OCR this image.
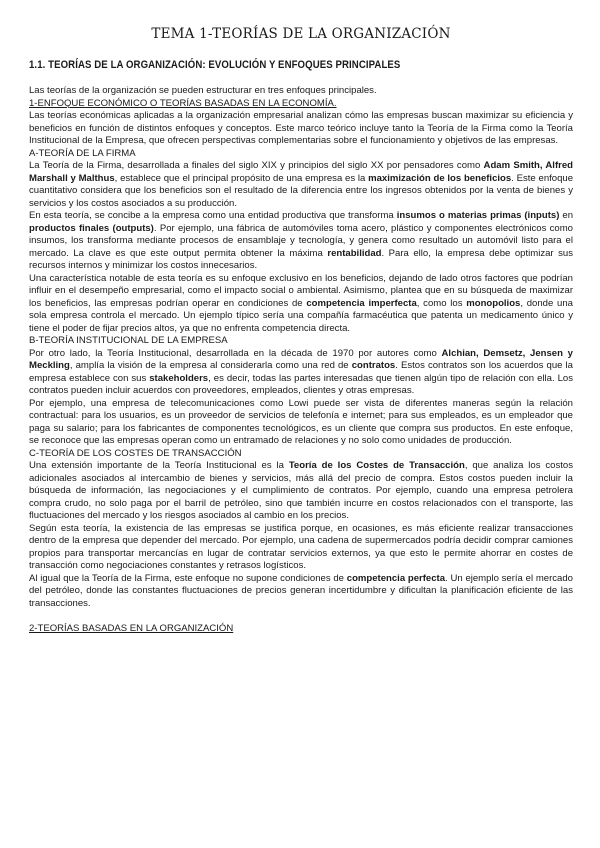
TEMA 1-TEORÍAS DE LA ORGANIZACIÓN
1.1. TEORÍAS DE LA ORGANIZACIÓN: EVOLUCIÓN Y ENFOQUES PRINCIPALES

Las teorías de la organización se pueden estructurar en tres enfoques principales.

1-ENFOQUE ECONÓMICO O TEORÍAS BASADAS EN LA ECONOMÍA.

Las teorías económicas aplicadas a la organización empresarial analizan cómo las empresas buscan maximizar su eficiencia y beneficios en función de distintos enfoques y conceptos. Este marco teórico incluye tanto la Teoría de la Firma como la Teoría Institucional de la Empresa, que ofrecen perspectivas complementarias sobre el funcionamiento y objetivos de las empresas.

A-TEORÍA DE LA FIRMA

La Teoría de la Firma, desarrollada a finales del siglo XIX y principios del siglo XX por pensadores como Adam Smith, Alfred Marshall y Malthus, establece que el principal propósito de una empresa es la maximización de los beneficios. Este enfoque cuantitativo considera que los beneficios son el resultado de la diferencia entre los ingresos obtenidos por la venta de bienes y servicios y los costos asociados a su producción.

En esta teoría, se concibe a la empresa como una entidad productiva que transforma insumos o materias primas (inputs) en productos finales (outputs). Por ejemplo, una fábrica de automóviles toma acero, plástico y componentes electrónicos como insumos, los transforma mediante procesos de ensamblaje y tecnología, y genera como resultado un automóvil listo para el mercado. La clave es que este output permita obtener la máxima rentabilidad. Para ello, la empresa debe optimizar sus recursos internos y minimizar los costos innecesarios.

Una característica notable de esta teoría es su enfoque exclusivo en los beneficios, dejando de lado otros factores que podrían influir en el desempeño empresarial, como el impacto social o ambiental. Asimismo, plantea que en su búsqueda de maximizar los beneficios, las empresas podrían operar en condiciones de competencia imperfecta, como los monopolios, donde una sola empresa controla el mercado. Un ejemplo típico sería una compañía farmacéutica que patenta un medicamento único y tiene el poder de fijar precios altos, ya que no enfrenta competencia directa.

B-TEORÍA INSTITUCIONAL DE LA EMPRESA

Por otro lado, la Teoría Institucional, desarrollada en la década de 1970 por autores como Alchian, Demsetz, Jensen y Meckling, amplía la visión de la empresa al considerarla como una red de contratos. Estos contratos son los acuerdos que la empresa establece con sus stakeholders, es decir, todas las partes interesadas que tienen algún tipo de relación con ella. Los contratos pueden incluir acuerdos con proveedores, empleados, clientes y otras empresas.

Por ejemplo, una empresa de telecomunicaciones como Lowi puede ser vista de diferentes maneras según la relación contractual: para los usuarios, es un proveedor de servicios de telefonía e internet; para sus empleados, es un empleador que paga su salario; para los fabricantes de componentes tecnológicos, es un cliente que compra sus productos. En este enfoque, se reconoce que las empresas operan como un entramado de relaciones y no solo como unidades de producción.

C-TEORÍA DE LOS COSTES DE TRANSACCIÓN

Una extensión importante de la Teoría Institucional es la Teoría de los Costes de Transacción, que analiza los costos adicionales asociados al intercambio de bienes y servicios, más allá del precio de compra. Estos costos pueden incluir la búsqueda de información, las negociaciones y el cumplimiento de contratos. Por ejemplo, cuando una empresa petrolera compra crudo, no solo paga por el barril de petróleo, sino que también incurre en costos relacionados con el transporte, las fluctuaciones del mercado y los riesgos asociados al cambio en los precios.

Según esta teoría, la existencia de las empresas se justifica porque, en ocasiones, es más eficiente realizar transacciones dentro de la empresa que depender del mercado. Por ejemplo, una cadena de supermercados podría decidir comprar camiones propios para transportar mercancías en lugar de contratar servicios externos, ya que esto le permite ahorrar en costes de transacción como negociaciones constantes y retrasos logísticos.

Al igual que la Teoría de la Firma, este enfoque no supone condiciones de competencia perfecta. Un ejemplo sería el mercado del petróleo, donde las constantes fluctuaciones de precios generan incertidumbre y dificultan la planificación eficiente de las transacciones.

2-TEORÍAS BASADAS EN LA ORGANIZACIÓN
